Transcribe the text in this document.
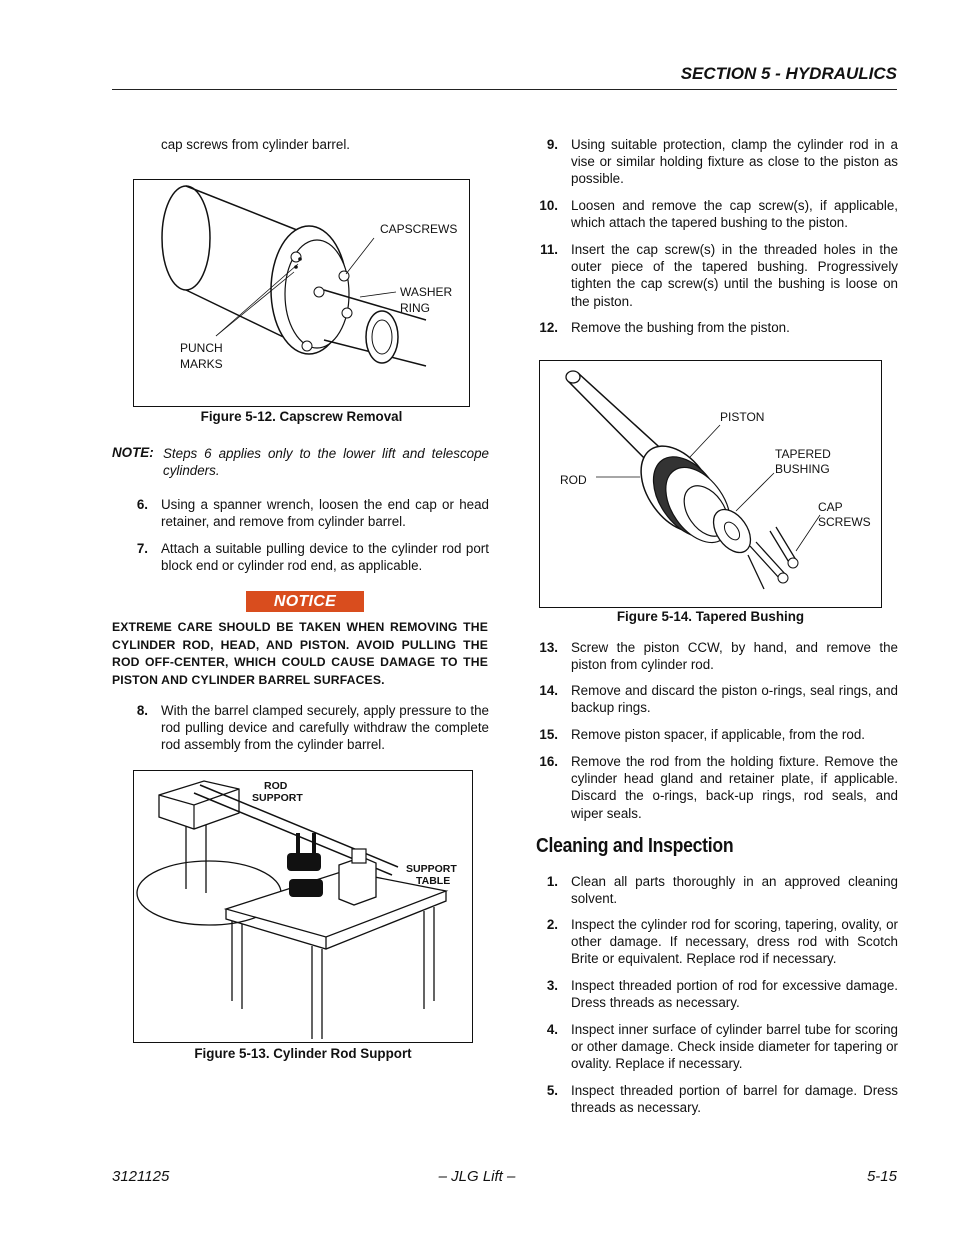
SECTION 5 - HYDRAULICS
cap screws from cylinder barrel.
CAPSCREWS
WASHER
RING
PUNCH
MARKS
Figure 5-12. Capscrew Removal
NOTE: Steps 6 applies only to the lower lift and telescope cylinders.
6. Using a spanner wrench, loosen the end cap or head retainer, and remove from cylinder barrel.
7. Attach a suitable pulling device to the cylinder rod port block end or cylinder rod end, as applicable.
NOTICE
EXTREME CARE SHOULD BE TAKEN WHEN REMOVING THE CYLINDER ROD, HEAD, AND PISTON. AVOID PULLING THE ROD OFF-CENTER, WHICH COULD CAUSE DAMAGE TO THE PISTON AND CYLINDER BARREL SURFACES.
8. With the barrel clamped securely, apply pressure to the rod pulling device and carefully withdraw the complete rod assembly from the cylinder barrel.
ROD
SUPPORT
SUPPORT
TABLE
Figure 5-13. Cylinder Rod Support
9. Using suitable protection, clamp the cylinder rod in a vise or similar holding fixture as close to the piston as possible.
10. Loosen and remove the cap screw(s), if applicable, which attach the tapered bushing to the piston.
11. Insert the cap screw(s) in the threaded holes in the outer piece of the tapered bushing. Progressively tighten the cap screw(s) until the bushing is loose on the piston.
12. Remove the bushing from the piston.
PISTON
TAPERED
BUSHING
ROD
CAP
SCREWS
Figure 5-14. Tapered Bushing
13. Screw the piston CCW, by hand, and remove the piston from cylinder rod.
14. Remove and discard the piston o-rings, seal rings, and backup rings.
15. Remove piston spacer, if applicable, from the rod.
16. Remove the rod from the holding fixture. Remove the cylinder head gland and retainer plate, if applicable. Discard the o-rings, back-up rings, rod seals, and wiper seals.
Cleaning and Inspection
1. Clean all parts thoroughly in an approved cleaning solvent.
2. Inspect the cylinder rod for scoring, tapering, ovality, or other damage. If necessary, dress rod with Scotch Brite or equivalent. Replace rod if necessary.
3. Inspect threaded portion of rod for excessive damage. Dress threads as necessary.
4. Inspect inner surface of cylinder barrel tube for scoring or other damage. Check inside diameter for tapering or ovality. Replace if necessary.
5. Inspect threaded portion of barrel for damage. Dress threads as necessary.
3121125	– JLG Lift –	5-15
